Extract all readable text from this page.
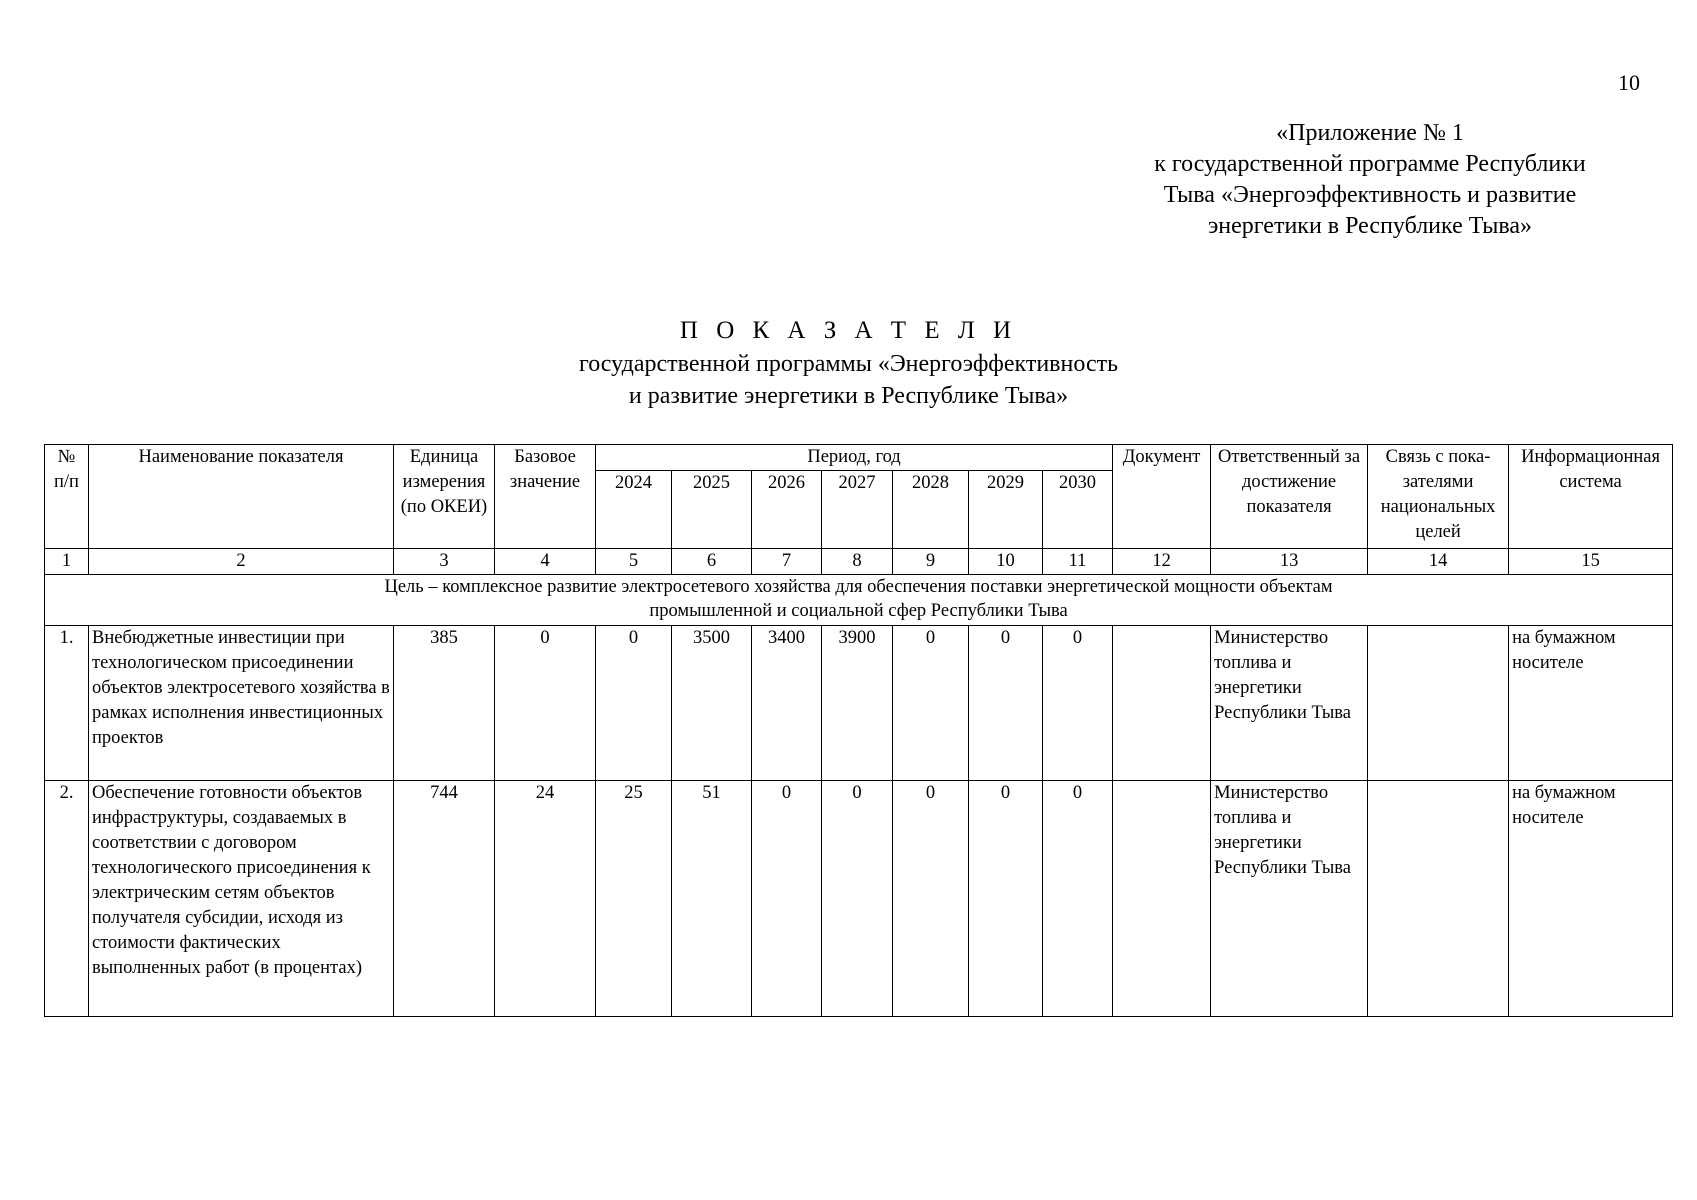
10
«Приложение № 1
к государственной программе Республики
Тыва «Энергоэффективность и развитие
энергетики в Республике Тыва»
П О К А З А Т Е Л И
государственной программы «Энергоэффективность
и развитие энергетики в Республике Тыва»
№ п/п	Наименование показателя	Единица измерения (по ОКЕИ)	Базовое значение	Период, год							Документ	Ответственный за достижение показателя	Связь с показателями национальных целей	Информационная система
				2024	2025	2026	2027	2028	2029	2030				
1	2	3	4	5	6	7	8	9	10	11	12	13	14	15
Цель – комплексное развитие электросетевого хозяйства для обеспечения поставки энергетической мощности объектам промышленной и социальной сфер Республики Тыва														
1.	Внебюджетные инвестиции при технологическом присоединении объектов электросетевого хозяйства в рамках исполнения инвестиционных проектов	385	0	0	3500	3400	3900	0	0	0		Министерство топлива и энергетики Республики Тыва		на бумажном носителе
2.	Обеспечение готовности объектов инфраструктуры, создаваемых в соответствии с договором технологического присоединения к электрическим сетям объектов получателя субсидии, исходя из стоимости фактических выполненных работ (в процентах)	744	24	25	51	0	0	0	0	0		Министерство топлива и энергетики Республики Тыва		на бумажном носителе
